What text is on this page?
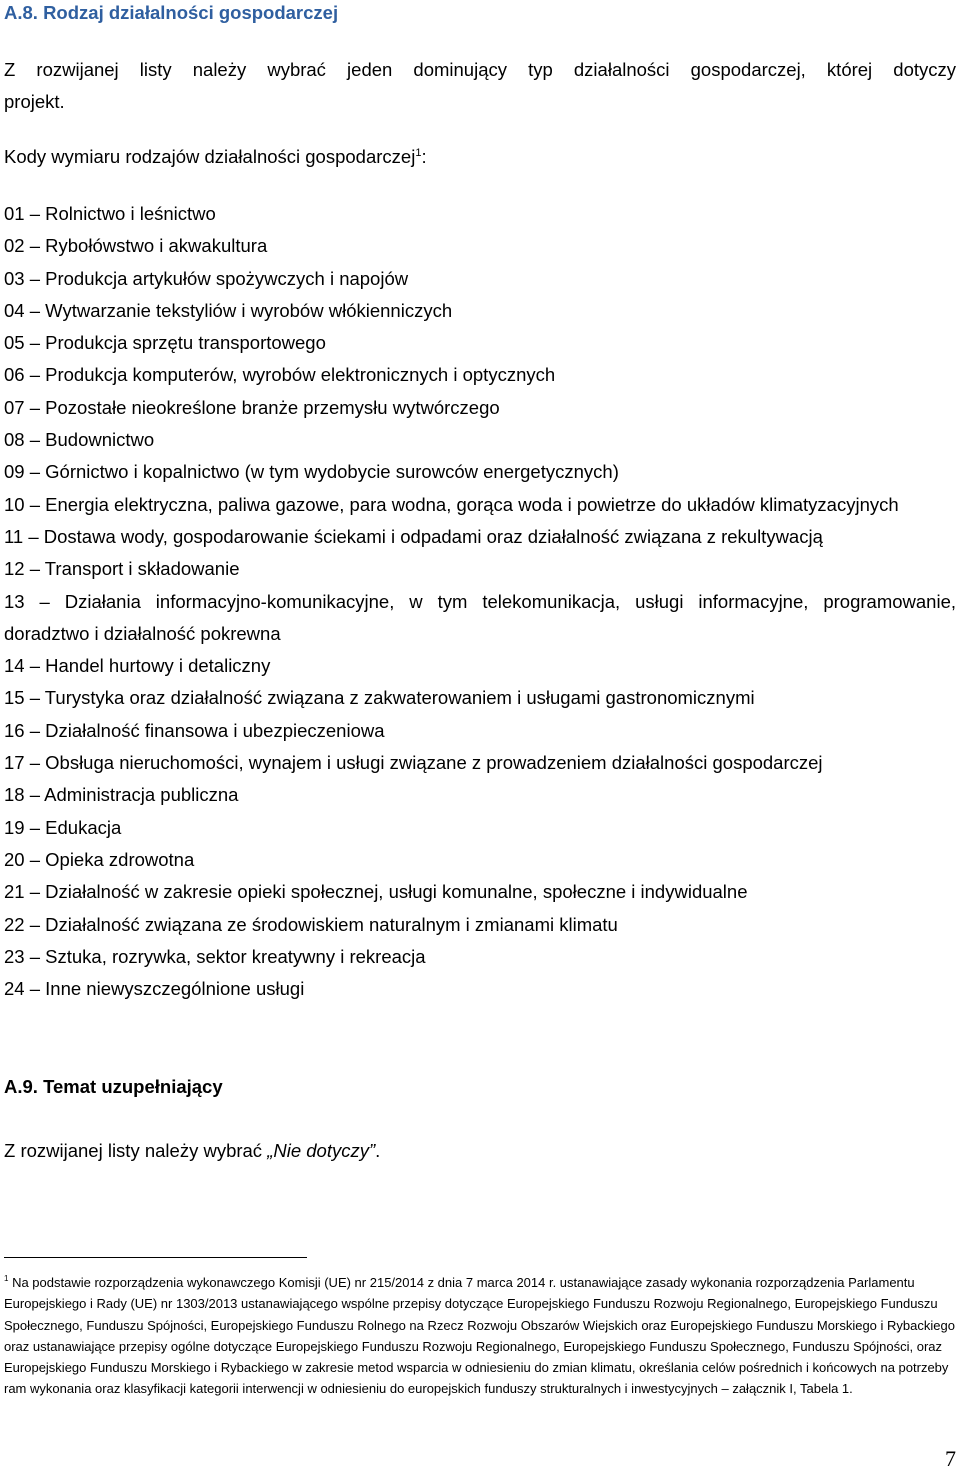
A.8. Rodzaj działalności gospodarczej
Z rozwijanej listy należy wybrać jeden dominujący typ działalności gospodarczej, której dotyczy
projekt.
Kody wymiaru rodzajów działalności gospodarczej$^1$:
01 – Rolnictwo i leśnictwo
02 – Rybołówstwo i akwakultura
03 – Produkcja artykułów spożywczych i napojów
04 – Wytwarzanie tekstyliów i wyrobów włókienniczych
05 – Produkcja sprzętu transportowego
06 – Produkcja komputerów, wyrobów elektronicznych i optycznych
07 – Pozostałe nieokreślone branże przemysłu wytwórczego
08 – Budownictwo
09 – Górnictwo i kopalnictwo (w tym wydobycie surowców energetycznych)
10 – Energia elektryczna, paliwa gazowe, para wodna, gorąca woda i powietrze do układów klimatyzacyjnych
11 – Dostawa wody, gospodarowanie ściekami i odpadami oraz działalność związana z rekultywacją
12 – Transport i składowanie
13 – Działania informacyjno-komunikacyjne, w tym telekomunikacja, usługi informacyjne, programowanie, doradztwo i działalność pokrewna
14 – Handel hurtowy i detaliczny
15 – Turystyka oraz działalność związana z zakwaterowaniem i usługami gastronomicznymi
16 – Działalność finansowa i ubezpieczeniowa
17 – Obsługa nieruchomości, wynajem i usługi związane z prowadzeniem działalności gospodarczej
18 – Administracja publiczna
19 – Edukacja
20 – Opieka zdrowotna
21 – Działalność w zakresie opieki społecznej, usługi komunalne, społeczne i indywidualne
22 – Działalność związana ze środowiskiem naturalnym i zmianami klimatu
23 – Sztuka, rozrywka, sektor kreatywny i rekreacja
24 – Inne niewyszczególnione usługi
A.9. Temat uzupełniający
Z rozwijanej listy należy wybrać „Nie dotyczy”.
$^1$ Na podstawie rozporządzenia wykonawczego Komisji (UE) nr 215/2014 z dnia 7 marca 2014 r. ustanawiające zasady wykonania rozporządzenia Parlamentu Europejskiego i Rady (UE) nr 1303/2013 ustanawiającego wspólne przepisy dotyczące Europejskiego Funduszu Rozwoju Regionalnego, Europejskiego Funduszu Społecznego, Funduszu Spójności, Europejskiego Funduszu Rolnego na Rzecz Rozwoju Obszarów Wiejskich oraz Europejskiego Funduszu Morskiego i Rybackiego oraz ustanawiające przepisy ogólne dotyczące Europejskiego Funduszu Rozwoju Regionalnego, Europejskiego Funduszu Społecznego, Funduszu Spójności, oraz Europejskiego Funduszu Morskiego i Rybackiego w zakresie metod wsparcia w odniesieniu do zmian klimatu, określania celów pośrednich i końcowych na potrzeby ram wykonania oraz klasyfikacji kategorii interwencji w odniesieniu do europejskich funduszy strukturalnych i inwestycyjnych – załącznik I, Tabela 1.
7
